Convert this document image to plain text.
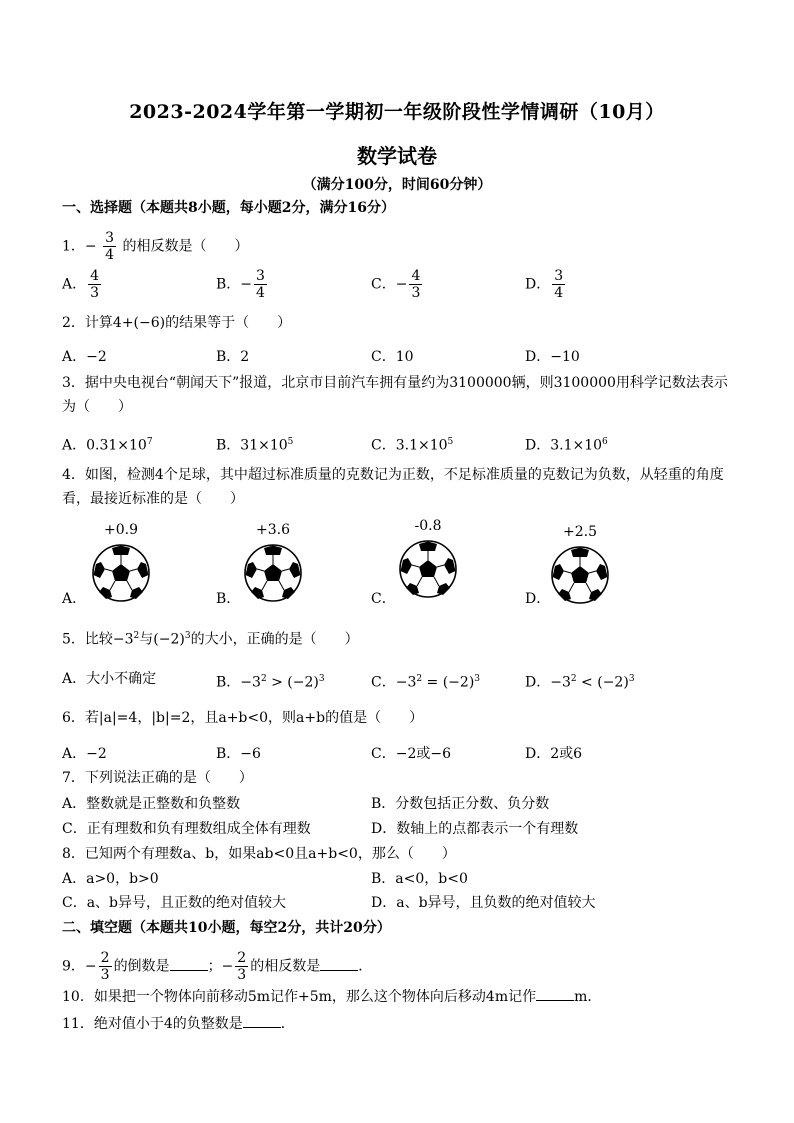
2023-2024学年第一学期初一年级阶段性学情调研（10月）
数学试卷
（满分100分，时间60分钟）
一、选择题（本题共8小题，每小题2分，满分16分）
1．− $\frac{3}{4}$ 的相反数是（　　）
A． $\frac{4}{3}$	B．− $\frac{3}{4}$	C．− $\frac{4}{3}$	D． $\frac{3}{4}$
2．计算4+(−6)的结果等于（　　）
A．−2	B．2	C．10	D．−10
3．据中央电视台“朝闻天下”报道，北京市目前汽车拥有量约为3100000辆，则3100000用科学记数法表示
为（　　）
A．$0.31\times 10^7$	B．$31\times 10^5$	C．$3.1\times 10^5$	D．$3.1\times 10^6$
4．如图，检测4个足球，其中超过标准质量的克数记为正数，不足标准质量的克数记为负数，从轻重的角度
看，最接近标准的是（　　）
+0.9	+3.6	-0.8	+2.5
A．	B．	C．	D．
5．比较$-3^2$与$(-2)^3$的大小，正确的是（　　）
A．大小不确定	B．$-3^2 > (-2)^3$	C．$-3^2 = (-2)^3$	D．$-3^2 < (-2)^3$
6．若|a|=4，|b|=2，且a+b<0，则a+b的值是（　　）
A．−2	B．−6	C．−2或−6	D．2或6
7．下列说法正确的是（　　）
A．整数就是正整数和负整数	B．分数包括正分数、负分数
C．正有理数和负有理数组成全体有理数	D．数轴上的点都表示一个有理数
8．已知两个有理数a、b，如果ab<0且a+b<0，那么（　　）
A．a>0，b>0	B．a<0，b<0
C．a、b异号，且正数的绝对值较大	D．a、b异号，且负数的绝对值较大
二、填空题（本题共10小题，每空2分，共计20分）
9．− $\frac{2}{3}$ 的倒数是	；− $\frac{2}{3}$ 的相反数是	．
10．如果把一个物体向前移动5m记作+5m，那么这个物体向后移动4m记作	m．
11．绝对值小于4的负整数是	．
